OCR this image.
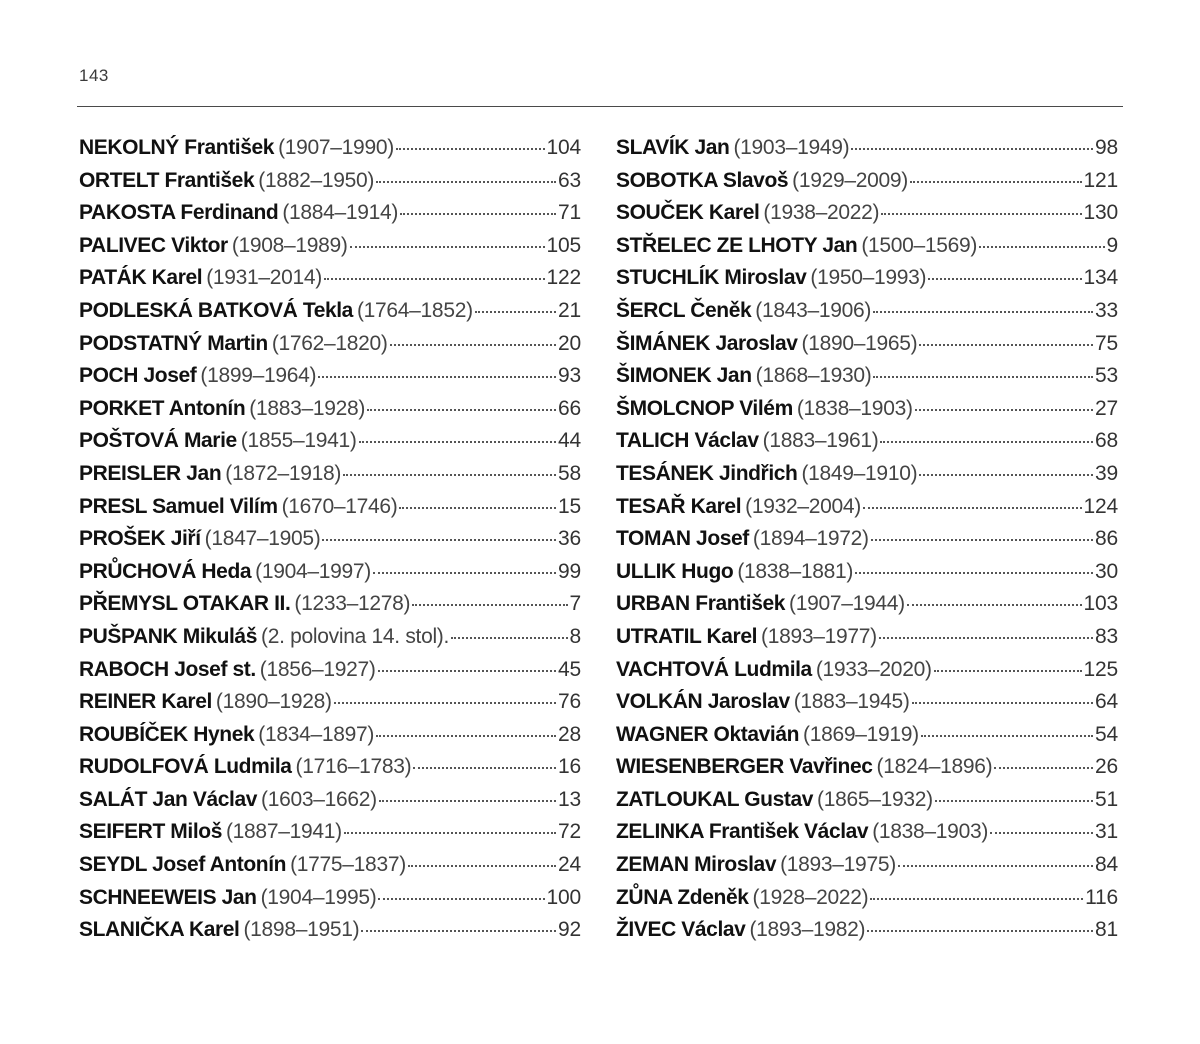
143
NEKOLNÝ František (1907–1990)	104
ORTELT František (1882–1950)	63
PAKOSTA Ferdinand (1884–1914)	71
PALIVEC Viktor (1908–1989)	105
PATÁK Karel (1931–2014)	122
PODLESKÁ BATKOVÁ Tekla (1764–1852)	21
PODSTATNÝ Martin (1762–1820)	20
POCH Josef (1899–1964)	93
PORKET Antonín (1883–1928)	66
POŠTOVÁ Marie (1855–1941)	44
PREISLER Jan (1872–1918)	58
PRESL Samuel Vilím (1670–1746)	15
PROŠEK Jiří (1847–1905)	36
PRŮCHOVÁ Heda (1904–1997)	99
PŘEMYSL OTAKAR II. (1233–1278)	7
PUŠPANK Mikuláš (2. polovina 14. stol).	8
RABOCH Josef st. (1856–1927)	45
REINER Karel (1890–1928)	76
ROUBÍČEK Hynek (1834–1897)	28
RUDOLFOVÁ Ludmila (1716–1783)	16
SALÁT Jan Václav (1603–1662)	13
SEIFERT Miloš (1887–1941)	72
SEYDL Josef Antonín (1775–1837)	24
SCHNEEWEIS Jan (1904–1995)	100
SLANIČKA Karel (1898–1951)	92
SLAVÍK Jan (1903–1949)	98
SOBOTKA Slavoš (1929–2009)	121
SOUČEK Karel (1938–2022)	130
STŘELEC ZE LHOTY Jan (1500–1569)	9
STUCHLÍK Miroslav (1950–1993)	134
ŠERCL Čeněk (1843–1906)	33
ŠIMÁNEK Jaroslav (1890–1965)	75
ŠIMONEK Jan (1868–1930)	53
ŠMOLCNOP Vilém (1838–1903)	27
TALICH Václav (1883–1961)	68
TESÁNEK Jindřich (1849–1910)	39
TESAŘ Karel (1932–2004)	124
TOMAN Josef (1894–1972)	86
ULLIK Hugo (1838–1881)	30
URBAN František (1907–1944)	103
UTRATIL Karel (1893–1977)	83
VACHTOVÁ Ludmila (1933–2020)	125
VOLKÁN Jaroslav (1883–1945)	64
WAGNER Oktavián (1869–1919)	54
WIESENBERGER Vavřinec (1824–1896)	26
ZATLOUKAL Gustav (1865–1932)	51
ZELINKA František Václav (1838–1903)	31
ZEMAN Miroslav (1893–1975)	84
ZŮNA Zdeněk (1928–2022)	116
ŽIVEC Václav (1893–1982)	81
